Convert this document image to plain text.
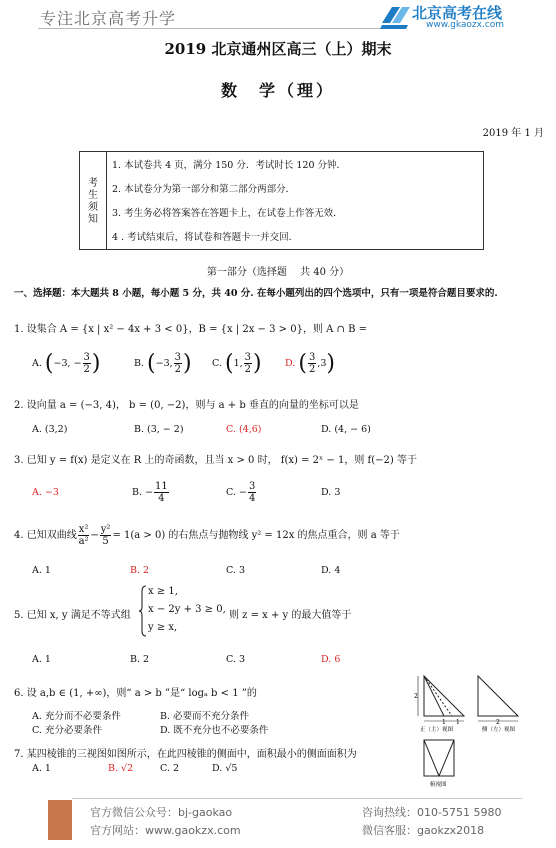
专注北京高考升学	北京高考在线
www.gkaozx.com
2019 北京通州区高三（上）期末
数　学（理）
2019 年 1 月
考
生
须
知
1. 本试卷共 4 页，满分 150 分．考试时长 120 分钟．
2. 本试卷分为第一部分和第二部分两部分．
3. 考生务必将答案答在答题卡上，在试卷上作答无效．
4 . 考试结束后，将试卷和答题卡一并交回．
第一部分（选择题　 共 40 分）
一、选择题：本大题共 8 小题，每小题 5 分，共 40 分. 在每小题列出的四个选项中，只有一项是符合题目要求的.
1. 设集合 A = {x | x² − 4x + 3 < 0}，B = {x | 2x − 3 > 0}，则 A ∩ B =
A. (−3, − $\frac{3}{2}$ )	B. (−3, $\frac{3}{2}$ ) C. (1, $\frac{3}{2}$ ) D. ( $\frac{3}{2} ,3$)
2. 设向量 a = (−3, 4)， b = (0, −2)，则与 a + b 垂直的向量的坐标可以是
A. (3,2)	B. (3, − 2)	C. (4,6)	D. (4, − 6)
3. 已知 y = f(x) 是定义在 R 上的奇函数，且当 x > 0 时， f(x) = 2ˣ − 1，则 f(−2) 等于
A. −3	B. − $\frac{11}{4}$	C. − $\frac{3}{4}$	D. 3
4. 已知双曲线 $\frac{\text{x²}}{\text{a²}} - \frac{\text{y²}}{5} = 1(a > 0)$ 的右焦点与抛物线 y² = 12x 的焦点重合，则 a 等于
A. 1	B. 2	C. 3	D. 4
5. 已知 x, y 满足不等式组
x ≥ 1,
x − 2y + 3 ≥ 0,
y ≥ x,
则 z = x + y 的最大值等于
A. 1	B. 2	C. 3	D. 6
6. 设 a,b ∈ (1, +∞)，则“ a > b ”是“ logₐ b < 1 ”的
A. 充分而不必要条件	B. 必要而不充分条件
C. 充分必要条件	D. 既不充分也不必要条件
7. 某四棱锥的三视图如图所示，在此四棱锥的侧面中，面积最小的侧面面积为
A. 1	B. √2	C. 2	D. √5
2
1 1
正（主）视图
2
侧（左）视图
俯视图
官方微信公众号：bj-gaokao
官方网站：www.gaokzx.com
咨询热线：010-5751 5980
微信客服：gaokzx2018
